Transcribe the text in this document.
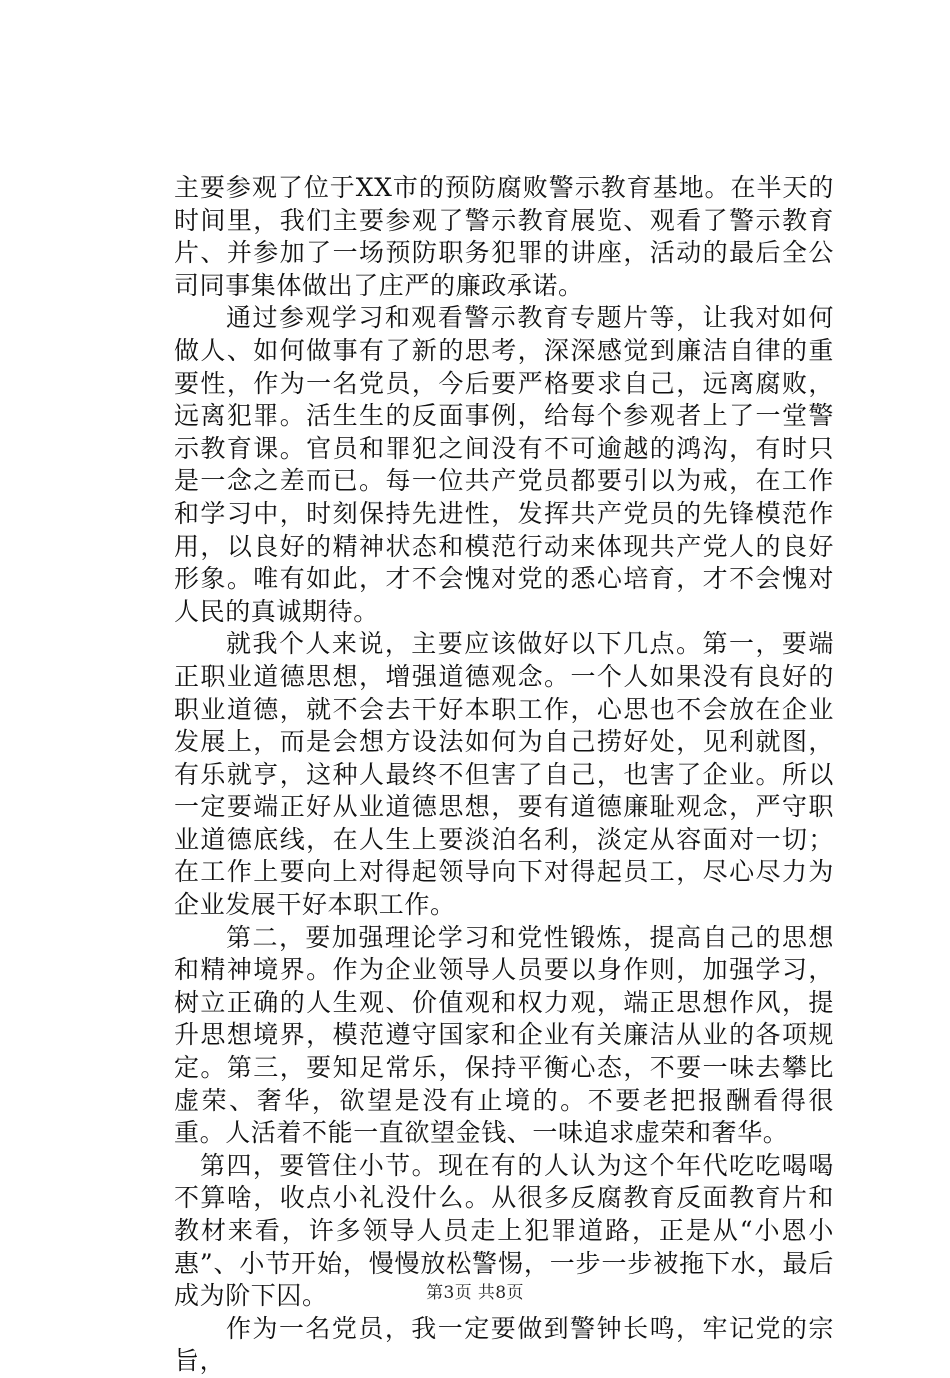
主要参观了位于XX市的预防腐败警示教育基地。在半天的时间里，我们主要参观了警示教育展览、观看了警示教育片、并参加了一场预防职务犯罪的讲座，活动的最后全公司同事集体做出了庄严的廉政承诺。

通过参观学习和观看警示教育专题片等，让我对如何做人、如何做事有了新的思考，深深感觉到廉洁自律的重要性，作为一名党员，今后要严格要求自己，远离腐败，远离犯罪。活生生的反面事例，给每个参观者上了一堂警示教育课。官员和罪犯之间没有不可逾越的鸿沟，有时只是一念之差而已。每一位共产党员都要引以为戒，在工作和学习中，时刻保持先进性，发挥共产党员的先锋模范作用，以良好的精神状态和模范行动来体现共产党人的良好形象。唯有如此，才不会愧对党的悉心培育，才不会愧对人民的真诚期待。

就我个人来说，主要应该做好以下几点。第一，要端正职业道德思想，增强道德观念。一个人如果没有良好的职业道德，就不会去干好本职工作，心思也不会放在企业发展上，而是会想方设法如何为自己捞好处，见利就图，有乐就亨，这种人最终不但害了自己，也害了企业。所以一定要端正好从业道德思想，要有道德廉耻观念，严守职业道德底线，在人生上要淡泊名利，淡定从容面对一切；在工作上要向上对得起领导向下对得起员工，尽心尽力为企业发展干好本职工作。

第二，要加强理论学习和党性锻炼，提高自己的思想和精神境界。作为企业领导人员要以身作则，加强学习，树立正确的人生观、价值观和权力观，端正思想作风，提升思想境界，模范遵守国家和企业有关廉洁从业的各项规定。第三，要知足常乐，保持平衡心态，不要一味去攀比虚荣、奢华，欲望是没有止境的。不要老把报酬看得很重。人活着不能一直欲望金钱、一味追求虚荣和奢华。

第四，要管住小节。现在有的人认为这个年代吃吃喝喝不算啥，收点小礼没什么。从很多反腐教育反面教育片和教材来看，许多领导人员走上犯罪道路，正是从“小恩小惠”、小节开始，慢慢放松警惕，一步一步被拖下水，最后成为阶下囚。

作为一名党员，我一定要做到警钟长鸣，牢记党的宗旨，

第3页 共8页
